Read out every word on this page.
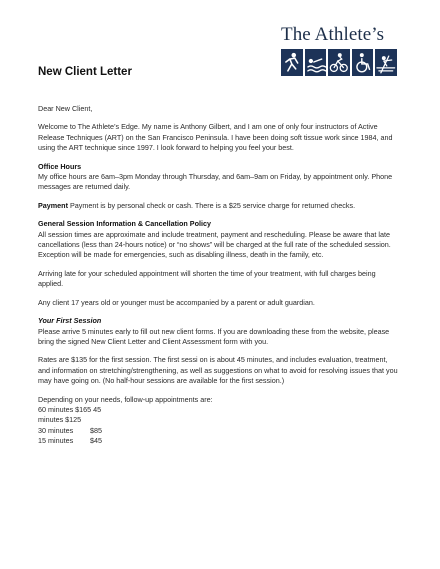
The Athlete’s
New Client Letter

Dear New Client,

Welcome to The Athlete’s Edge. My name is Anthony Gilbert, and I am one of only four instructors of Active Release Techniques (ART) on the San Francisco Peninsula. I have been doing soft tissue work since 1984, and using the ART technique since 1997. I look forward to helping you feel your best.

Office Hours

My office hours are 6am–3pm Monday through Thursday, and 6am–9am on Friday, by appointment only. Phone messages are returned daily.

Payment Payment is by personal check or cash. There is a $25 service charge for returned checks.

General Session Information & Cancellation Policy

All session times are approximate and include treatment, payment and rescheduling. Please be aware that late cancellations (less than 24-hours notice) or “no shows” will be charged at the full rate of the scheduled session. Exception will be made for emergencies, such as disabling illness, death in the family, etc.

Arriving late for your scheduled appointment will shorten the time of your treatment, with full charges being applied.

Any client 17 years old or younger must be accompanied by a parent or adult guardian.

Your First Session

Please arrive 5 minutes early to fill out new client forms. If you are downloading these from the website, please bring the signed New Client Letter and Client Assessment form with you.

Rates are $135 for the first session. The first sessi on is about 45 minutes, and includes evaluation, treatment, and information on stretching/strengthening, as well as suggestions on what to avoid for resolving issues that you may have going on. (No half-hour sessions are available for the first session.)

Depending on your needs, follow-up appointments are:

60 minutes $165 45
minutes $125
30 minutes	$85
15 minutes	$45
